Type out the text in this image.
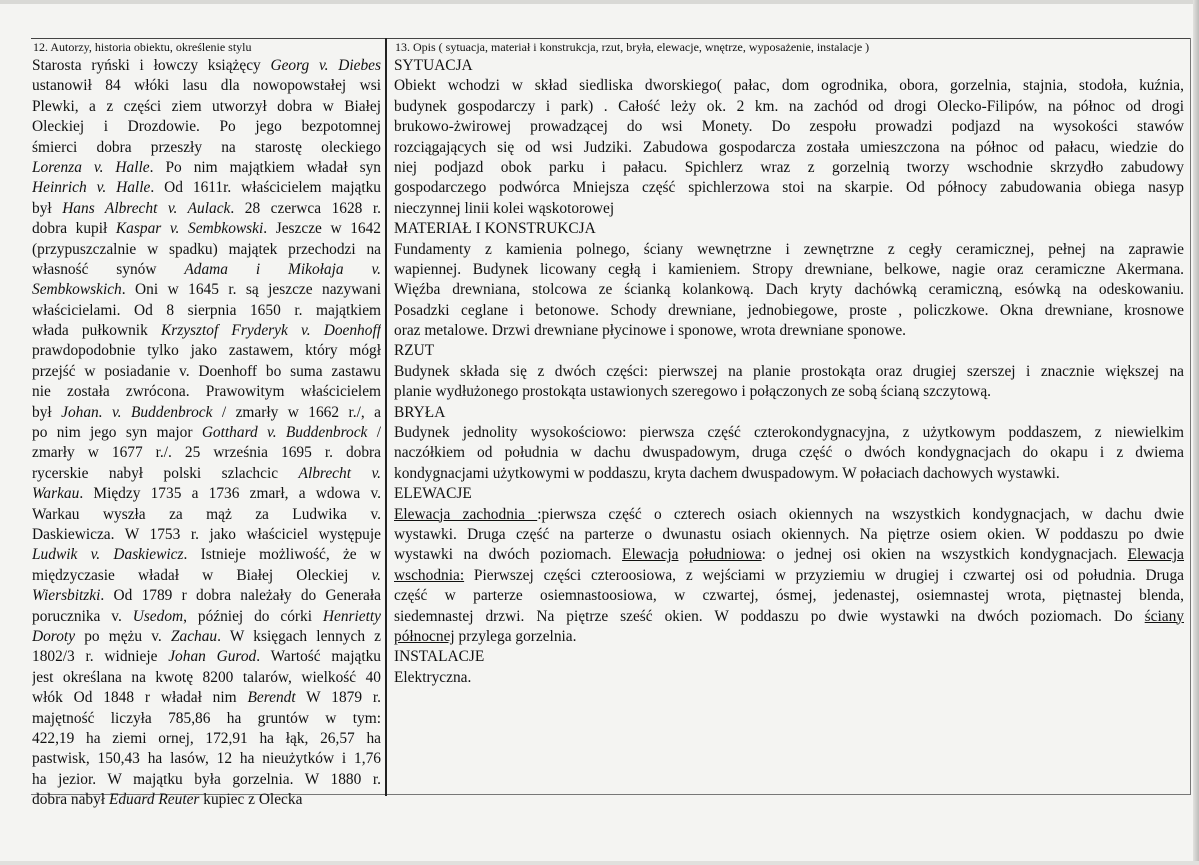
12. Autorzy, historia obiektu, określenie stylu
Starosta ryński i łowczy książęcy Georg v. Diebes
ustanowił 84 włóki lasu dla nowopowstałej wsi
Plewki, a z części ziem utworzył dobra w Białej
Oleckiej i Drozdowie. Po jego bezpotomnej
śmierci dobra przeszły na starostę oleckiego
Lorenza v. Halle. Po nim majątkiem władał syn
Heinrich v. Halle. Od 1611r. właścicielem majątku
był Hans Albrecht v. Aulack. 28 czerwca 1628 r.
dobra kupił Kaspar v. Sembkowski. Jeszcze w 1642
(przypuszczalnie w spadku) majątek przechodzi na
własność synów Adama i Mikołaja v.
Sembkowskich. Oni w 1645 r. są jeszcze nazywani
właścicielami. Od 8 sierpnia 1650 r. majątkiem
włada pułkownik Krzysztof Fryderyk v. Doenhoff
prawdopodobnie tylko jako zastawem, który mógł
przejść w posiadanie v. Doenhoff bo suma zastawu
nie została zwrócona. Prawowitym właścicielem
był Johan. v. Buddenbrock / zmarły w 1662 r./, a
po nim jego syn major Gotthard v. Buddenbrock /
zmarły w 1677 r./. 25 września 1695 r. dobra
rycerskie nabył polski szlachcic Albrecht v.
Warkau. Między 1735 a 1736 zmarł, a wdowa v.
Warkau wyszła za mąż za Ludwika v.
Daskiewicza. W 1753 r. jako właściciel występuje
Ludwik v. Daskiewicz. Istnieje możliwość, że w
międzyczasie władał w Białej Oleckiej v.
Wiersbitzki. Od 1789 r dobra należały do Generała
porucznika v. Usedom, później do córki Henrietty
Doroty po mężu v. Zachau. W księgach lennych z
1802/3 r. widnieje Johan Gurod. Wartość majątku
jest określana na kwotę 8200 talarów, wielkość 40
włók Od 1848 r władał nim Berendt W 1879 r.
majętność liczyła 785,86 ha gruntów w tym:
422,19 ha ziemi ornej, 172,91 ha łąk, 26,57 ha
pastwisk, 150,43 ha lasów, 12 ha nieużytków i 1,76
ha jezior. W majątku była gorzelnia. W 1880 r.
dobra nabył Eduard Reuter kupiec z Olecka
13. Opis ( sytuacja, materiał i konstrukcja, rzut, bryła, elewacje, wnętrze, wyposażenie, instalacje )
SYTUACJA
Obiekt wchodzi w skład siedliska dworskiego( pałac, dom ogrodnika, obora, gorzelnia, stajnia, stodoła, kuźnia,
budynek gospodarczy i park) . Całość leży ok. 2 km. na zachód od drogi Olecko-Filipów, na północ od drogi
brukowo-żwirowej prowadzącej do wsi Monety. Do zespołu prowadzi podjazd na wysokości stawów
rozciągających się od wsi Judziki. Zabudowa gospodarcza została umieszczona na północ od pałacu, wiedzie do
niej podjazd obok parku i pałacu. Spichlerz wraz z gorzelnią tworzy wschodnie skrzydło zabudowy
gospodarczego podwórca Mniejsza część spichlerzowa stoi na skarpie. Od północy zabudowania obiega nasyp
nieczynnej linii kolei wąskotorowej
MATERIAŁ I KONSTRUKCJA
Fundamenty z kamienia polnego, ściany wewnętrzne i zewnętrzne z cegły ceramicznej, pełnej na zaprawie
wapiennej. Budynek licowany cegłą i kamieniem. Stropy drewniane, belkowe, nagie oraz ceramiczne Akermana.
Więźba drewniana, stolcowa ze ścianką kolankową. Dach kryty dachówką ceramiczną, esówką na odeskowaniu.
Posadzki ceglane i betonowe. Schody drewniane, jednobiegowe, proste , policzkowe. Okna drewniane, krosnowe
oraz metalowe. Drzwi drewniane płycinowe i sponowe, wrota drewniane sponowe.
RZUT
Budynek składa się z dwóch części: pierwszej na planie prostokąta oraz drugiej szerszej i znacznie większej na
planie wydłużonego prostokąta ustawionych szeregowo i połączonych ze sobą ścianą szczytową.
BRYŁA
Budynek jednolity wysokościowo: pierwsza część czterokondygnacyjna, z użytkowym poddaszem, z niewielkim
naczółkiem od południa w dachu dwuspadowym, druga część o dwóch kondygnacjach do okapu i z dwiema
kondygnacjami użytkowymi w poddaszu, kryta dachem dwuspadowym. W połaciach dachowych wystawki.
ELEWACJE
Elewacja zachodnia :pierwsza część o czterech osiach okiennych na wszystkich kondygnacjach, w dachu dwie
wystawki. Druga część na parterze o dwunastu osiach okiennych. Na piętrze osiem okien. W poddaszu po dwie
wystawki na dwóch poziomach. Elewacja południowa: o jednej osi okien na wszystkich kondygnacjach. Elewacja
wschodnia: Pierwszej części czteroosiowa, z wejściami w przyziemiu w drugiej i czwartej osi od południa. Druga
część w parterze osiemnastoosiowa, w czwartej, ósmej, jedenastej, osiemnastej wrota, piętnastej blenda,
siedemnastej drzwi. Na piętrze sześć okien. W poddaszu po dwie wystawki na dwóch poziomach. Do ściany
północnej przylega gorzelnia.
INSTALACJE
Elektryczna.
